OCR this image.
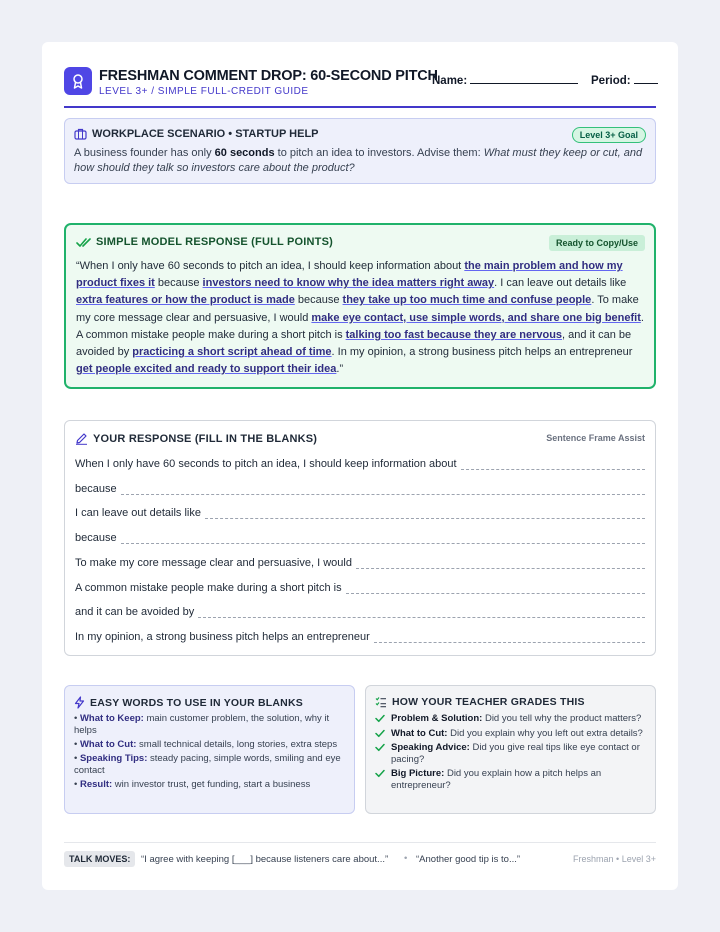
FRESHMAN COMMENT DROP: 60-SECOND PITCH
LEVEL 3+ / SIMPLE FULL-CREDIT GUIDE
Name:	Period:
WORKPLACE SCENARIO • STARTUP HELP	Level 3+ Goal
A business founder has only 60 seconds to pitch an idea to investors. Advise them: What must they keep or cut, and how should they talk so investors care about the product?
SIMPLE MODEL RESPONSE (FULL POINTS)	Ready to Copy/Use
“When I only have 60 seconds to pitch an idea, I should keep information about the main problem and how my product fixes it because investors need to know why the idea matters right away. I can leave out details like extra features or how the product is made because they take up too much time and confuse people. To make my core message clear and persuasive, I would make eye contact, use simple words, and share one big benefit. A common mistake people make during a short pitch is talking too fast because they are nervous, and it can be avoided by practicing a short script ahead of time. In my opinion, a strong business pitch helps an entrepreneur get people excited and ready to support their idea.”
YOUR RESPONSE (FILL IN THE BLANKS)	Sentence Frame Assist
When I only have 60 seconds to pitch an idea, I should keep information about
because
I can leave out details like
because
To make my core message clear and persuasive, I would
A common mistake people make during a short pitch is
and it can be avoided by
In my opinion, a strong business pitch helps an entrepreneur
EASY WORDS TO USE IN YOUR BLANKS
• What to Keep: main customer problem, the solution, why it helps
• What to Cut: small technical details, long stories, extra steps
• Speaking Tips: steady pacing, simple words, smiling and eye contact
• Result: win investor trust, get funding, start a business
HOW YOUR TEACHER GRADES THIS
Problem & Solution: Did you tell why the product matters?
What to Cut: Did you explain why you left out extra details?
Speaking Advice: Did you give real tips like eye contact or pacing?
Big Picture: Did you explain how a pitch helps an entrepreneur?
TALK MOVES:	“I agree with keeping [___] because listeners care about...” • “Another good tip is to...”	Freshman • Level 3+
